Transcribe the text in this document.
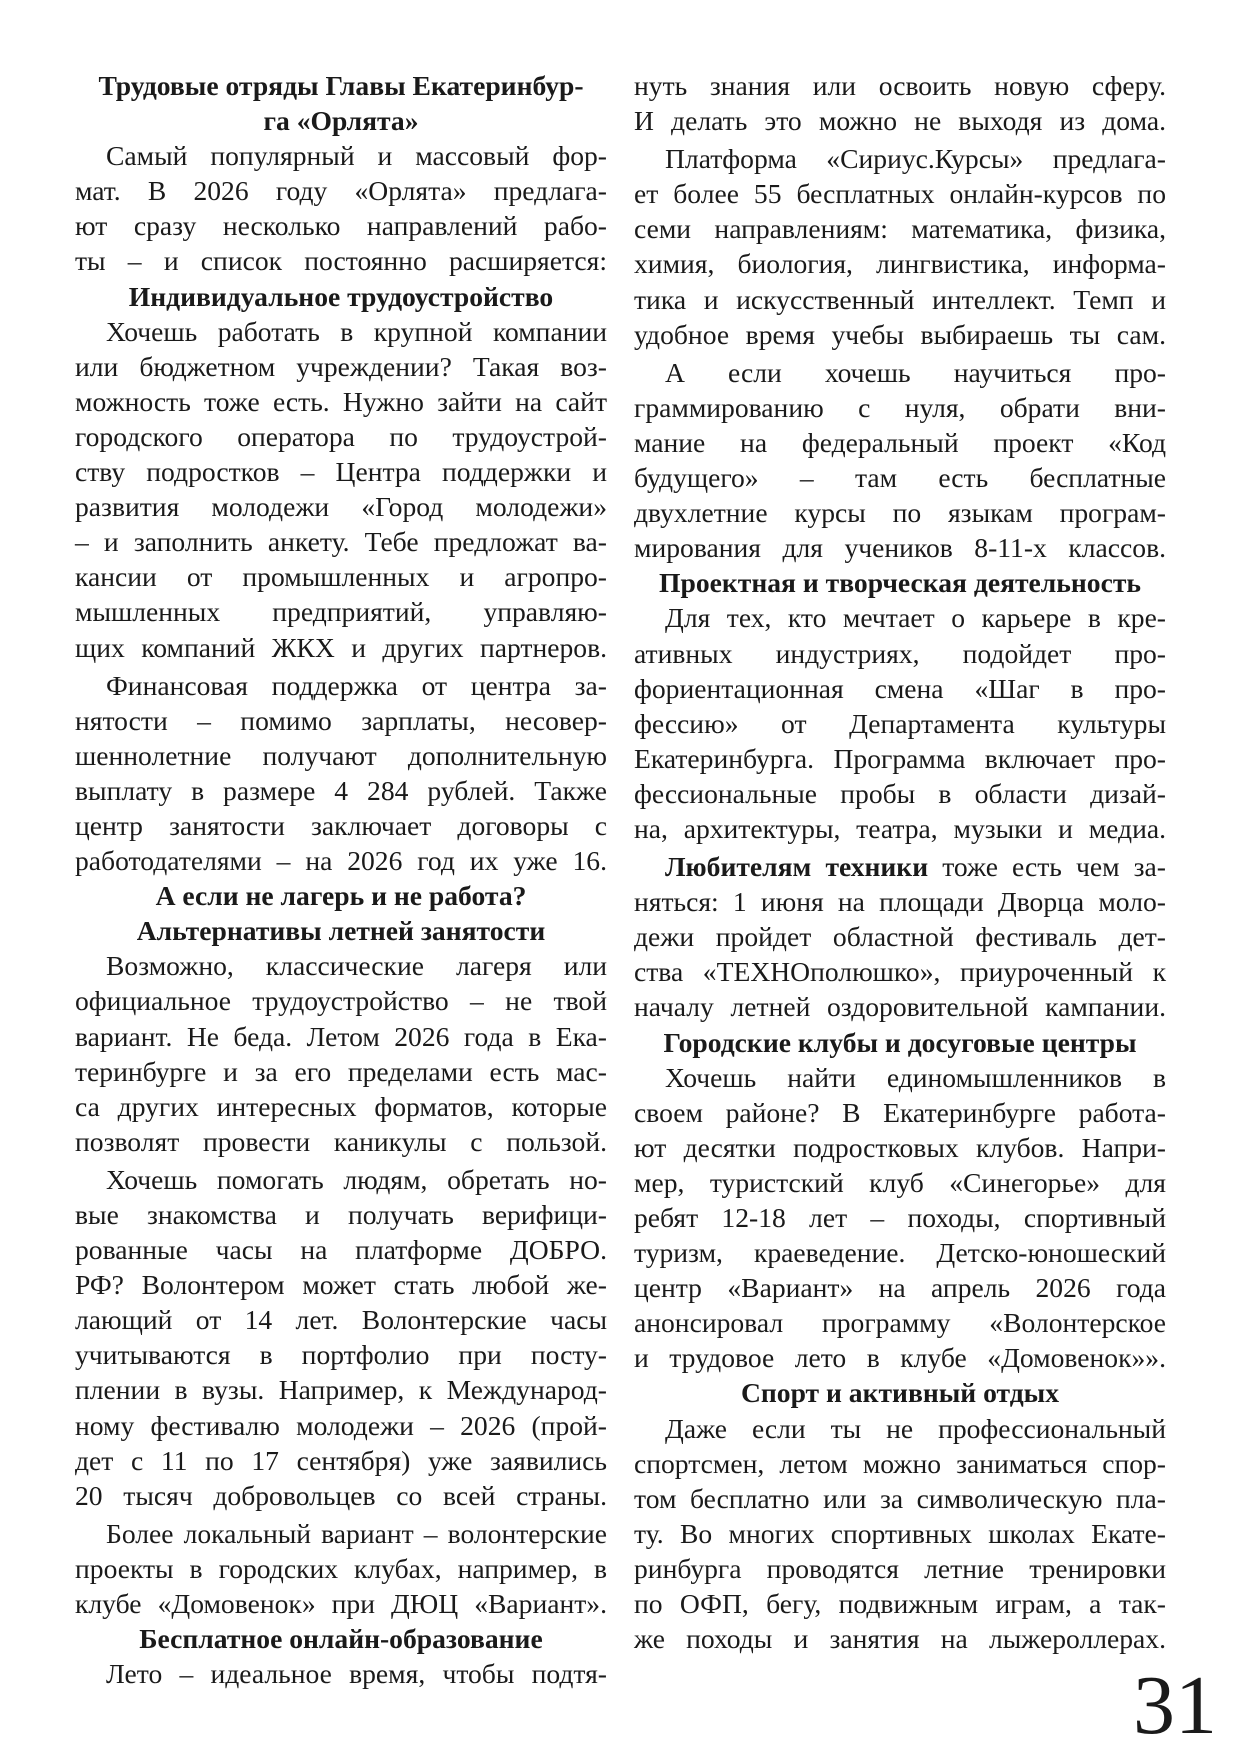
Трудовые отряды Главы Екатеринбур-
га «Орлята»
Самый популярный и массовый фор-
мат. В 2026 году «Орлята» предлага-
ют сразу несколько направлений рабо-
ты – и список постоянно расширяется:
Индивидуальное трудоустройство
Хочешь работать в крупной компании
или бюджетном учреждении? Такая воз-
можность тоже есть. Нужно зайти на сайт
городского оператора по трудоустрой-
ству подростков – Центра поддержки и
развития молодежи «Город молодежи»
– и заполнить анкету. Тебе предложат ва-
кансии от промышленных и агропро-
мышленных предприятий, управляю-
щих компаний ЖКХ и других партнеров.
Финансовая поддержка от центра за-
нятости – помимо зарплаты, несовер-
шеннолетние получают дополнительную
выплату в размере 4 284 рублей. Также
центр занятости заключает договоры с
работодателями – на 2026 год их уже 16.
А если не лагерь и не работа?
Альтернативы летней занятости
Возможно, классические лагеря или
официальное трудоустройство – не твой
вариант. Не беда. Летом 2026 года в Ека-
теринбурге и за его пределами есть мас-
са других интересных форматов, которые
позволят провести каникулы с пользой.
Хочешь помогать людям, обретать но-
вые знакомства и получать верифици-
рованные часы на платформе ДОБРО.
РФ? Волонтером может стать любой же-
лающий от 14 лет. Волонтерские часы
учитываются в портфолио при посту-
плении в вузы. Например, к Международ-
ному фестивалю молодежи – 2026 (прой-
дет с 11 по 17 сентября) уже заявились
20 тысяч добровольцев со всей страны.
Более локальный вариант – волонтерские
проекты в городских клубах, например, в
клубе «Домовенок» при ДЮЦ «Вариант».
Бесплатное онлайн-образование
Лето – идеальное время, чтобы подтя-
нуть знания или освоить новую сферу.
И делать это можно не выходя из дома.
Платформа «Сириус.Курсы» предлага-
ет более 55 бесплатных онлайн-курсов по
семи направлениям: математика, физика,
химия, биология, лингвистика, информа-
тика и искусственный интеллект. Темп и
удобное время учебы выбираешь ты сам.
А если хочешь научиться про-
граммированию с нуля, обрати вни-
мание на федеральный проект «Код
будущего» – там есть бесплатные
двухлетние курсы по языкам програм-
мирования для учеников 8-11-х классов.
Проектная и творческая деятельность
Для тех, кто мечтает о карьере в кре-
ативных индустриях, подойдет про-
фориентационная смена «Шаг в про-
фессию» от Департамента культуры
Екатеринбурга. Программа включает про-
фессиональные пробы в области дизай-
на, архитектуры, театра, музыки и медиа.
Любителям техники тоже есть чем за-
няться: 1 июня на площади Дворца моло-
дежи пройдет областной фестиваль дет-
ства «ТЕХНОполюшко», приуроченный к
началу летней оздоровительной кампании.
Городские клубы и досуговые центры
Хочешь найти единомышленников в
своем районе? В Екатеринбурге работа-
ют десятки подростковых клубов. Напри-
мер, туристский клуб «Синегорье» для
ребят 12-18 лет – походы, спортивный
туризм, краеведение. Детско-юношеский
центр «Вариант» на апрель 2026 года
анонсировал программу «Волонтерское
и трудовое лето в клубе «Домовенок»».
Спорт и активный отдых
Даже если ты не профессиональный
спортсмен, летом можно заниматься спор-
том бесплатно или за символическую пла-
ту. Во многих спортивных школах Екате-
ринбурга проводятся летние тренировки
по ОФП, бегу, подвижным играм, а так-
же походы и занятия на лыжероллерах.
31
